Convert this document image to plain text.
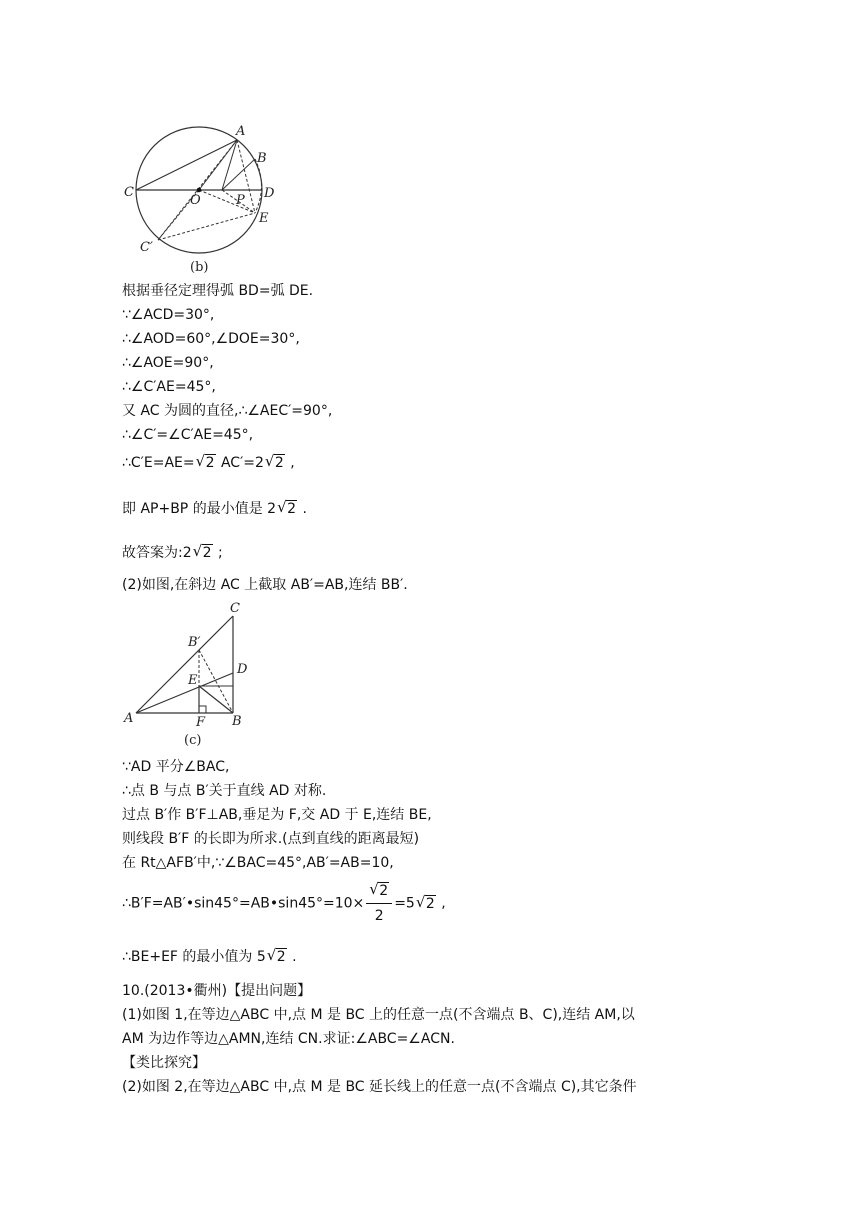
A
B
C	D
E
O	P
C′
(b)
根据垂径定理得弧 BD=弧 DE.
∵∠ACD=30°,
∴∠AOD=60°,∠DOE=30°,
∴∠AOE=90°,
∴∠C′AE=45°,
又 AC 为圆的直径,∴∠AEC′=90°,
∴∠C′=∠C′AE=45°,
∴C′E=AE=√ 2 AC′=2√ 2 ,
即 AP+BP 的最小值是 2√ 2 .
故答案为:2√ 2 ;
(2)如图,在斜边 AC 上截取 AB′=AB,连结 BB′.
C
B′
D
E
A	F B
(c)
∵AD 平分∠BAC,
∴点 B 与点 B′关于直线 AD 对称.
过点 B′作 B′F⊥AB,垂足为 F,交 AD 于 E,连结 BE,
则线段 B′F 的长即为所求.(点到直线的距离最短)
在 Rt△AFB′中,∵∠BAC=45°,AB′=AB=10,
∴B′F=AB′•sin45°=AB•sin45°=10×
√ $\frac{2}{2} =5√$ 2 ,
∴BE+EF 的最小值为 5√ 2 .
10.(2013•衢州)【提出问题】
(1)如图 1,在等边△ABC 中,点 M 是 BC 上的任意一点(不含端点 B、C),连结 AM,以
AM 为边作等边△AMN,连结 CN.求证:∠ABC=∠ACN.
【类比探究】
(2)如图 2,在等边△ABC 中,点 M 是 BC 延长线上的任意一点(不含端点 C),其它条件
